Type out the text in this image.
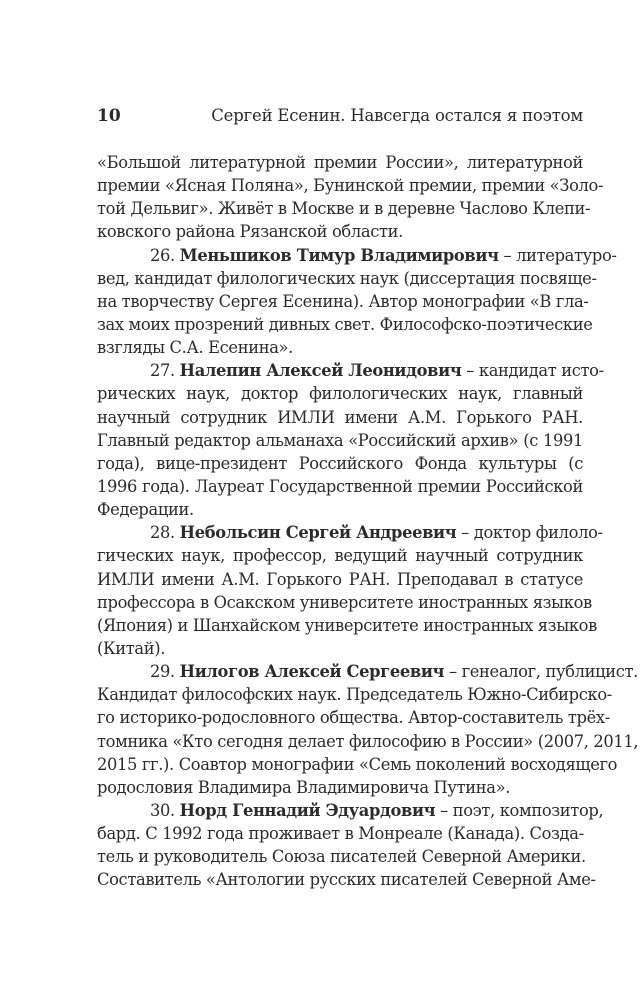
10	Сергей Есенин. Навсегда остался я поэтом
«Большой литературной премии России», литературной
премии «Ясная Поляна», Бунинской премии, премии «Золо-
той Дельвиг». Живёт в Москве и в деревне Часлово Клепи-
ковского района Рязанской области.
26. Меньшиков Тимур Владимирович – литературо-
вед, кандидат филологических наук (диссертация посвяще-
на творчеству Сергея Есенина). Автор монографии «В гла-
зах моих прозрений дивных свет. Философско-поэтические
взгляды С.А. Есенина».
27. Налепин Алексей Леонидович – кандидат исто-
рических наук, доктор филологических наук, главный
научный сотрудник ИМЛИ имени А.М. Горького РАН.
Главный редактор альманаха «Российский архив» (с 1991
года), вице-президент Российского Фонда культуры (с
1996 года). Лауреат Государственной премии Российской
Федерации.
28. Небольсин Сергей Андреевич – доктор филоло-
гических наук, профессор, ведущий научный сотрудник
ИМЛИ имени А.М. Горького РАН. Преподавал в статусе
профессора в Осакском университете иностранных языков
(Япония) и Шанхайском университете иностранных языков
(Китай).
29. Нилогов Алексей Сергеевич – генеалог, публицист.
Кандидат философских наук. Председатель Южно-Сибирско-
го историко-родословного общества. Автор-составитель трёх-
томника «Кто сегодня делает философию в России» (2007, 2011,
2015 гг.). Соавтор монографии «Семь поколений восходящего
родословия Владимира Владимировича Путина».
30. Норд Геннадий Эдуардович – поэт, композитор,
бард. С 1992 года проживает в Монреале (Канада). Созда-
тель и руководитель Союза писателей Северной Америки.
Составитель «Антологии русских писателей Северной Аме-
